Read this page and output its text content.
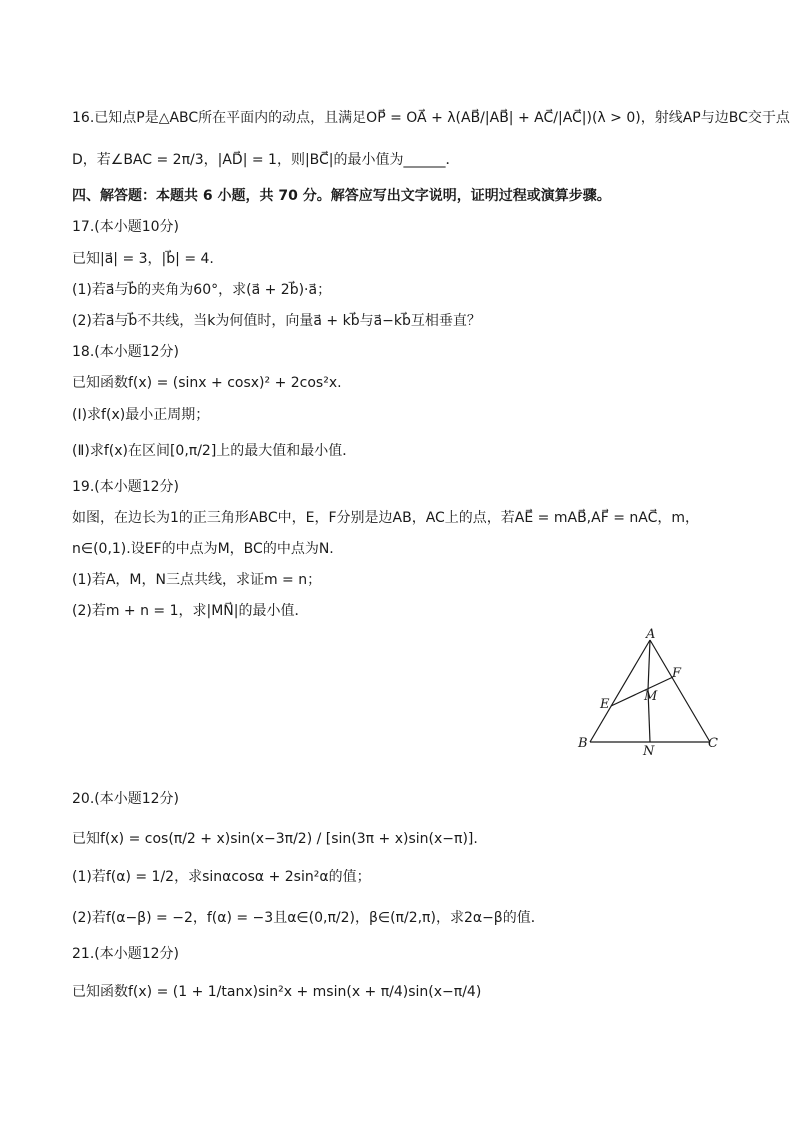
16.已知点P是△ABC所在平面内的动点，且满足OP⃗ = OA⃗ + λ(AB⃗/|AB⃗| + AC⃗/|AC⃗|)(λ > 0)，射线AP与边BC交于点
D，若∠BAC = 2π/3，|AD⃗| = 1，则|BC⃗|的最小值为______．
四、解答题：本题共 6 小题，共 70 分。解答应写出文字说明，证明过程或演算步骤。
17.(本小题10分)
已知|a⃗| = 3，|b⃗| = 4.
(1)若a⃗与b⃗的夹角为60°，求(a⃗ + 2b⃗)·a⃗；
(2)若a⃗与b⃗不共线，当k为何值时，向量a⃗ + kb⃗与a⃗−kb⃗互相垂直？
18.(本小题12分)
已知函数f(x) = (sinx + cosx)² + 2cos²x.
(Ⅰ)求f(x)最小正周期；
(Ⅱ)求f(x)在区间[0,π/2]上的最大值和最小值．
19.(本小题12分)
如图，在边长为1的正三角形ABC中，E，F分别是边AB，AC上的点，若AE⃗ = mAB⃗,AF⃗ = nAC⃗，m，
n∈(0,1).设EF的中点为M，BC的中点为N.
(1)若A，M，N三点共线，求证m = n；
(2)若m + n = 1，求|MN⃗|的最小值．
A
B	C
E
F
M
N
20.(本小题12分)
已知f(x) = cos(π/2 + x)sin(x−3π/2) / [sin(3π + x)sin(x−π)].
(1)若f(α) = 1/2，求sinαcosα + 2sin²α的值；
(2)若f(α−β) = −2，f(α) = −3且α∈(0,π/2)，β∈(π/2,π)，求2α−β的值．
21.(本小题12分)
已知函数f(x) = (1 + 1/tanx)sin²x + msin(x + π/4)sin(x−π/4)
